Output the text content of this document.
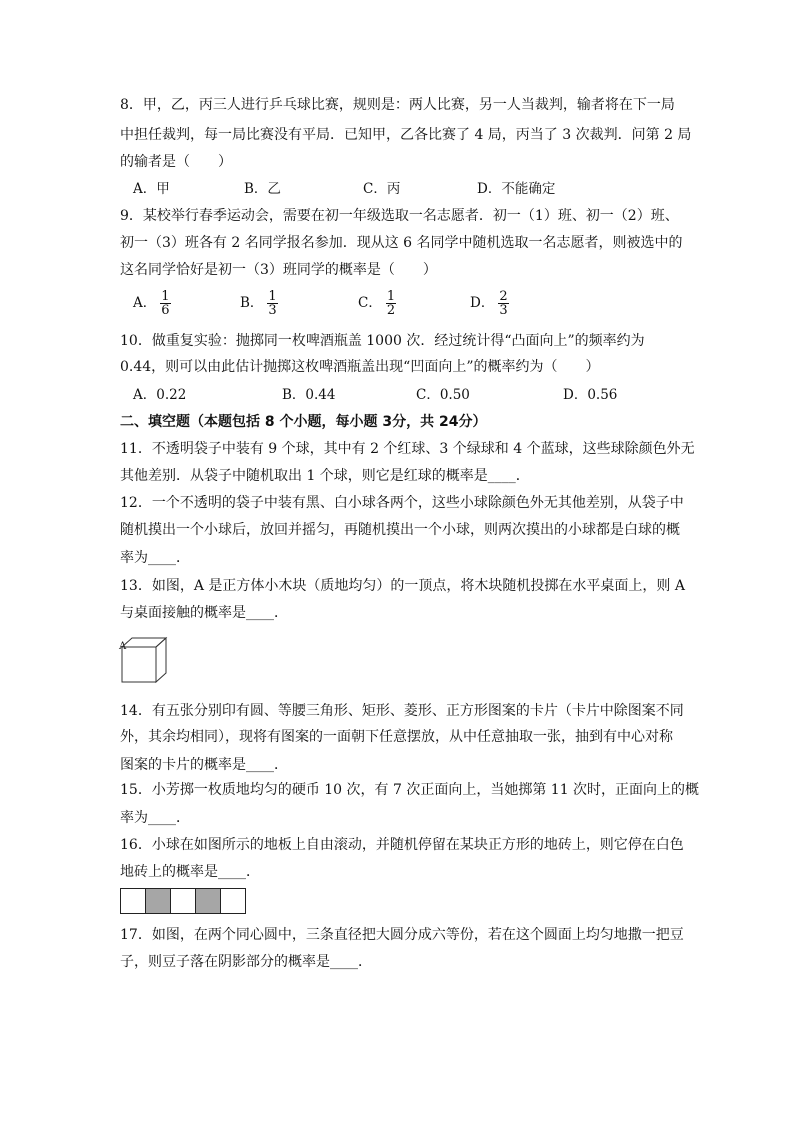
8．甲，乙，丙三人进行乒乓球比赛，规则是：两人比赛，另一人当裁判，输者将在下一局
中担任裁判，每一局比赛没有平局．已知甲，乙各比赛了 4 局，丙当了 3 次裁判．问第 2 局
的输者是（　　）
A．甲	B．乙	C．丙	D．不能确定
9．某校举行春季运动会，需要在初一年级选取一名志愿者．初一（1）班、初一（2）班、
初一（3）班各有 2 名同学报名参加．现从这 6 名同学中随机选取一名志愿者，则被选中的
这名同学恰好是初一（3）班同学的概率是（　　）
A． $\frac{1}{6}$	B． $\frac{1}{3}$	C． $\frac{1}{2}$	D． $\frac{2}{3}$
10．做重复实验：抛掷同一枚啤酒瓶盖 1000 次．经过统计得“凸面向上”的频率约为
0.44，则可以由此估计抛掷这枚啤酒瓶盖出现“凹面向上”的概率约为（　　）
A．0.22	B．0.44	C．0.50	D．0.56
二、填空题（本题包括 8 个小题，每小题 3分，共 24分）
11．不透明袋子中装有 9 个球，其中有 2 个红球、3 个绿球和 4 个蓝球，这些球除颜色外无
其他差别．从袋子中随机取出 1 个球，则它是红球的概率是____．
12．一个不透明的袋子中装有黑、白小球各两个，这些小球除颜色外无其他差别，从袋子中
随机摸出一个小球后，放回并摇匀，再随机摸出一个小球，则两次摸出的小球都是白球的概
率为____．
13．如图，A 是正方体小木块（质地均匀）的一顶点，将木块随机投掷在水平桌面上，则 A
与桌面接触的概率是____．
A
14．有五张分别印有圆、等腰三角形、矩形、菱形、正方形图案的卡片（卡片中除图案不同
外，其余均相同），现将有图案的一面朝下任意摆放，从中任意抽取一张，抽到有中心对称
图案的卡片的概率是____．
15．小芳掷一枚质地均匀的硬币 10 次，有 7 次正面向上，当她掷第 11 次时，正面向上的概
率为____．
16．小球在如图所示的地板上自由滚动，并随机停留在某块正方形的地砖上，则它停在白色
地砖上的概率是____．
17．如图，在两个同心圆中，三条直径把大圆分成六等份，若在这个圆面上均匀地撒一把豆
子，则豆子落在阴影部分的概率是____．
